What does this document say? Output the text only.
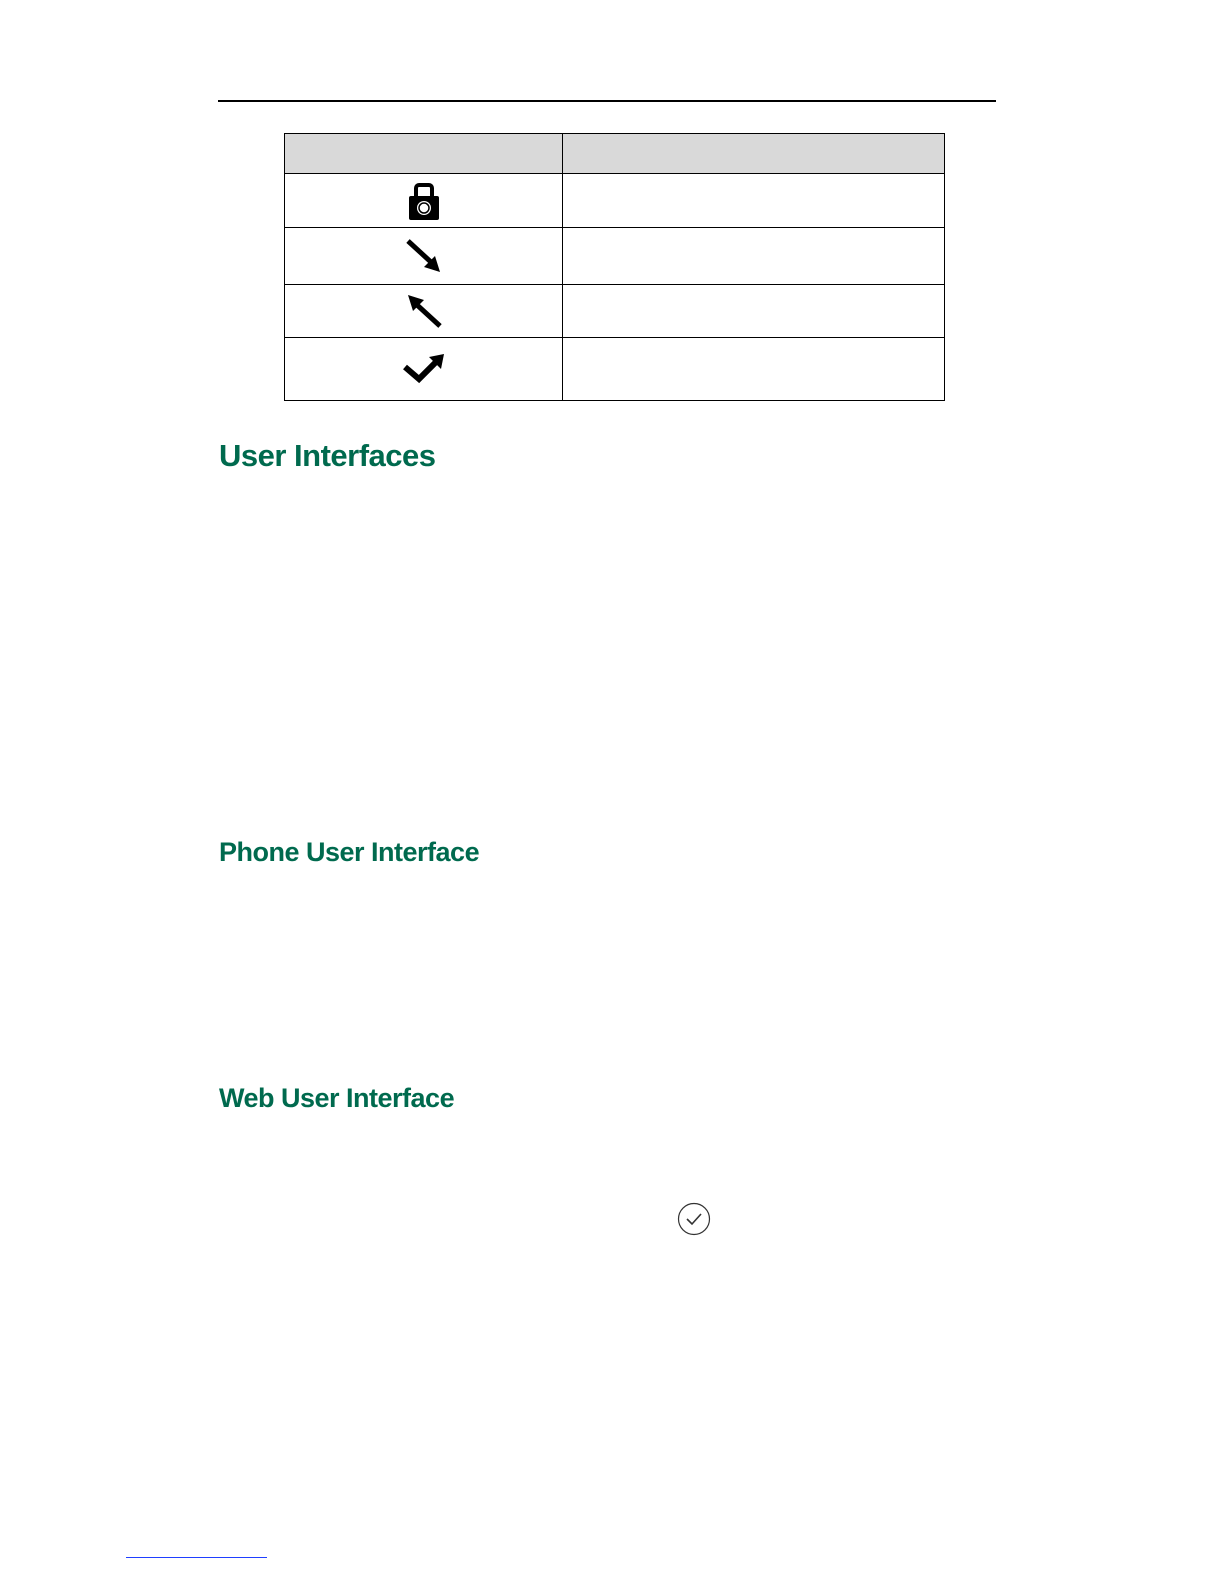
User Interfaces
Phone User Interface
Web User Interface
